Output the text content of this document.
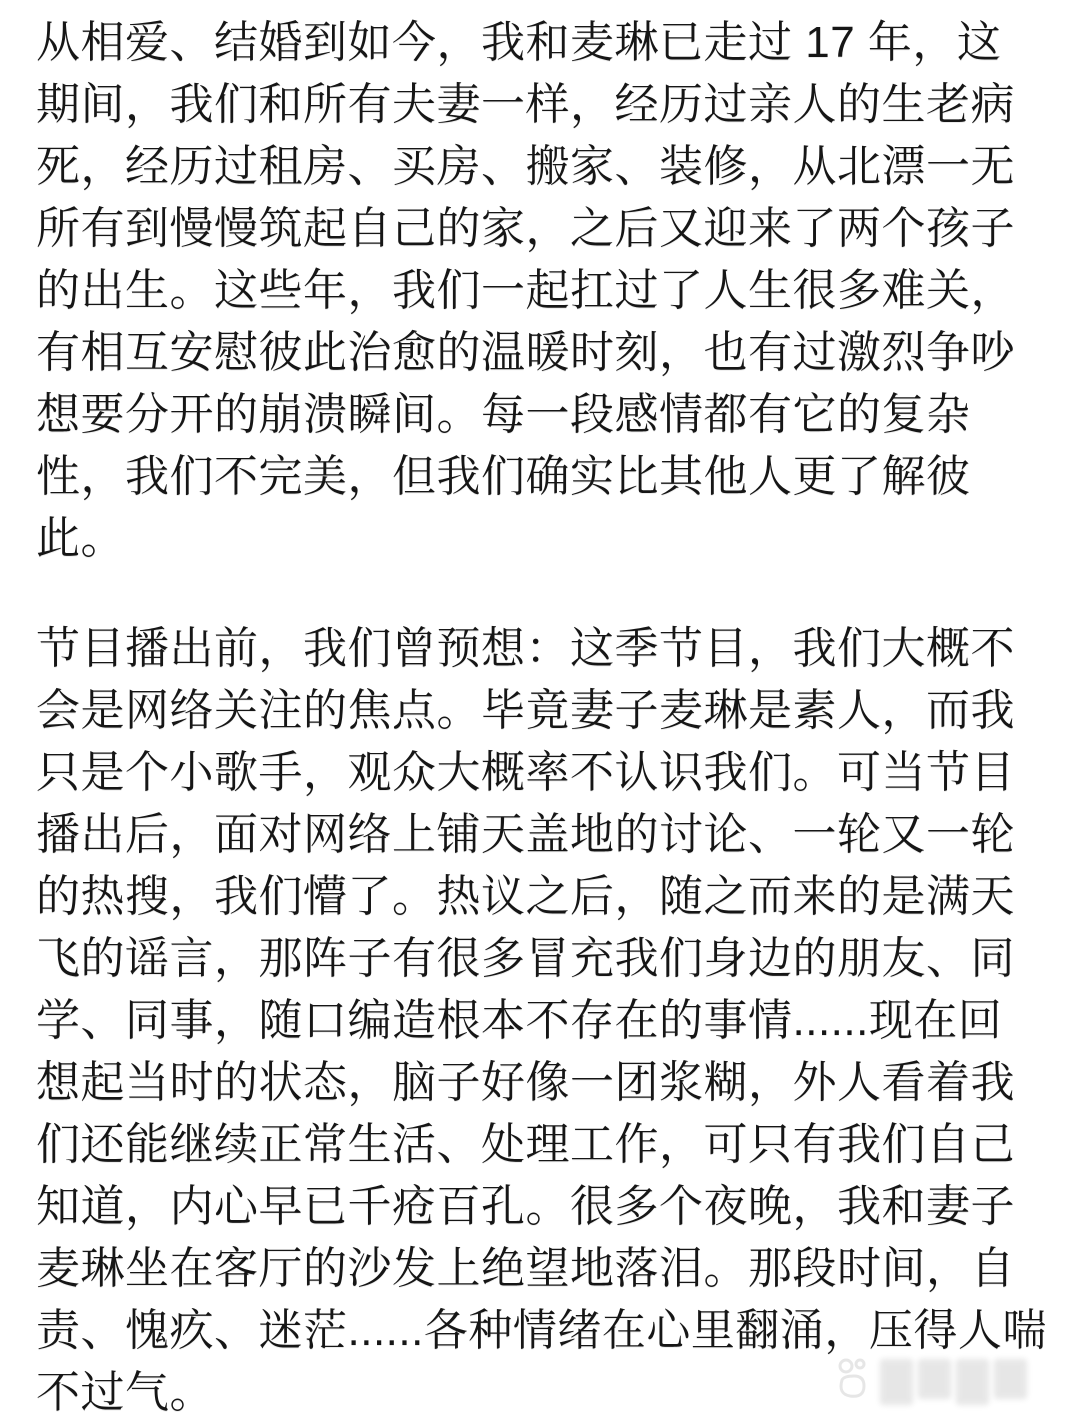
从相爱、结婚到如今，我和麦琳已走过 17 年，这
期间，我们和所有夫妻一样，经历过亲人的生老病
死，经历过租房、买房、搬家、装修，从北漂一无
所有到慢慢筑起自己的家，之后又迎来了两个孩子
的出生。这些年，我们一起扛过了人生很多难关，
有相互安慰彼此治愈的温暖时刻，也有过激烈争吵
想要分开的崩溃瞬间。每一段感情都有它的复杂
性，我们不完美，但我们确实比其他人更了解彼
此。
节目播出前，我们曾预想：这季节目，我们大概不
会是网络关注的焦点。毕竟妻子麦琳是素人，而我
只是个小歌手，观众大概率不认识我们。可当节目
播出后，面对网络上铺天盖地的讨论、一轮又一轮
的热搜，我们懵了。热议之后，随之而来的是满天
飞的谣言，那阵子有很多冒充我们身边的朋友、同
学、同事，随口编造根本不存在的事情......现在回
想起当时的状态，脑子好像一团浆糊，外人看着我
们还能继续正常生活、处理工作，可只有我们自己
知道，内心早已千疮百孔。很多个夜晚，我和妻子
麦琳坐在客厅的沙发上绝望地落泪。那段时间，自
责、愧疚、迷茫......各种情绪在心里翻涌，压得人喘
不过气。
